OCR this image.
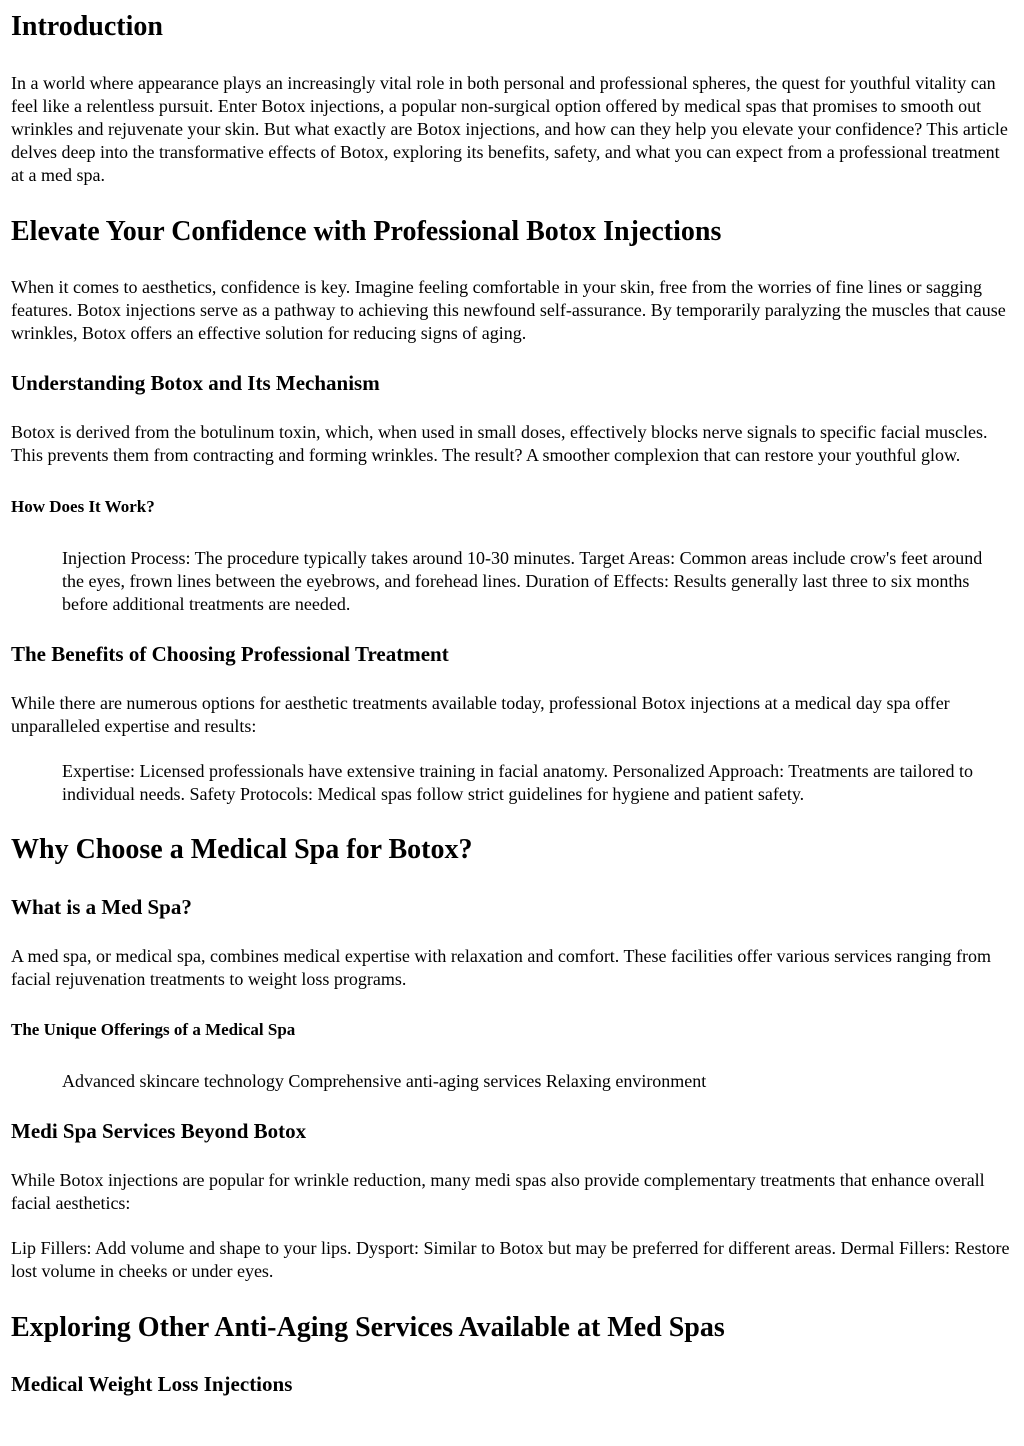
Introduction

In a world where appearance plays an increasingly vital role in both personal and professional spheres, the quest for youthful vitality can feel like a relentless pursuit. Enter Botox injections, a popular non-surgical option offered by medical spas that promises to smooth out wrinkles and rejuvenate your skin. But what exactly are Botox injections, and how can they help you elevate your confidence? This article delves deep into the transformative effects of Botox, exploring its benefits, safety, and what you can expect from a professional treatment at a med spa.

Elevate Your Confidence with Professional Botox Injections

When it comes to aesthetics, confidence is key. Imagine feeling comfortable in your skin, free from the worries of fine lines or sagging features. Botox injections serve as a pathway to achieving this newfound self-assurance. By temporarily paralyzing the muscles that cause wrinkles, Botox offers an effective solution for reducing signs of aging.

Understanding Botox and Its Mechanism

Botox is derived from the botulinum toxin, which, when used in small doses, effectively blocks nerve signals to specific facial muscles. This prevents them from contracting and forming wrinkles. The result? A smoother complexion that can restore your youthful glow.

How Does It Work?
Injection Process: The procedure typically takes around 10-30 minutes. Target Areas: Common areas include crow's feet around the eyes, frown lines between the eyebrows, and forehead lines. Duration of Effects: Results generally last three to six months before additional treatments are needed.
The Benefits of Choosing Professional Treatment

While there are numerous options for aesthetic treatments available today, professional Botox injections at a medical day spa offer unparalleled expertise and results:

Expertise: Licensed professionals have extensive training in facial anatomy. Personalized Approach: Treatments are tailored to individual needs. Safety Protocols: Medical spas follow strict guidelines for hygiene and patient safety.
Why Choose a Medical Spa for Botox?
What is a Med Spa?

A med spa, or medical spa, combines medical expertise with relaxation and comfort. These facilities offer various services ranging from facial rejuvenation treatments to weight loss programs.

The Unique Offerings of a Medical Spa
Advanced skincare technology Comprehensive anti-aging services Relaxing environment
Medi Spa Services Beyond Botox

While Botox injections are popular for wrinkle reduction, many medi spas also provide complementary treatments that enhance overall facial aesthetics:

Lip Fillers: Add volume and shape to your lips. Dysport: Similar to Botox but may be preferred for different areas. Dermal Fillers: Restore lost volume in cheeks or under eyes.

Exploring Other Anti-Aging Services Available at Med Spas
Medical Weight Loss Injections
